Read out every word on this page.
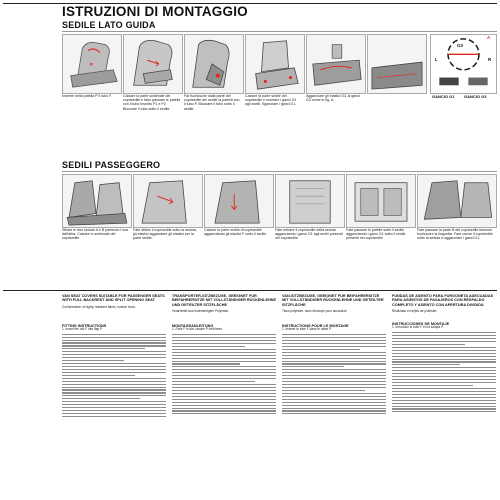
ISTRUZIONI DI MONTAGGIO
SEDILE LATO GUIDA
G3
L	R
A
P
Inserire nella patella P il tubo F.	Calzare la parte schienale del coprisedile e farlo passare le patelle con il tubo inserito P1 e P2. Bloccare il tubo sotto il sedile.
Far fuoriuscire dalla parte del coprisedile del sedile la patella con il tubo P. Bloccare il tubo sotto il sedile.
Calzare la parte sedile del coprisedile e montare i ganci G1 agli anelli. Sganciare i ganci G1.
Agganciare gli elastici G1 ai ganci G3 come in fig. A.
GANCIO G1	GANCIO G3
SEDILI PASSEGGERO
Sfilare le due sedute A e B partendo l'una dall'altra. Calzare lo schienale del coprisedile.
Fate sfilare il coprisedile sotto la seduta, gli elastici agganciare gli elastici per la parte sedile.
Calzare la parte sedile di coprisedile agganciando gli elastici F sotto il sedile.
Fate entrare il coprisedile della seduta agganciando i ganci G1 agli anelli presenti nel coprisedile.
Fate passare le patelle sotto il sedile agganciando i ganci G1 sotto il sedile presenti nel coprisedile.
Fate passare la parte B del coprisedile facendo fuoriuscire la linguetta. Fare uscire il coprisedile sotto la seduta e agganciare i ganci G1.
VAN SEAT COVERS SUITABLE FOR PASSENGER SEATS WITH FULL BACKREST AND SPLIT OPENING SEAT
Conformation of highly resistant fabric, lumbar hook.
FITTING INSTRUCTIONS
1. Insert the rod F into flap P.
TRANSPORTER-SITZBEZÜGE, GEEIGNET FÜR BEIFAHRERSITZE MIT VOLLSTÄNDIGER RÜCKENLEHNE UND GETEILTER SITZFLÄCHE
Verarbeitet aus hochwertigem Polyester.
MONTAGEANLEITUNG
1. Rohr F in die Lasche P einführen.
VAN-SITZBEZÜGE, GEEIGNET FÜR BEIFAHRERSITZE MIT VOLLSTÄNDIGER RÜCKENLEHNE UND GETEILTER SITZFLÄCHE
Tissu polyester, avec découpe pour accoudoir.
INSTRUCTIONS POUR LE MONTAGE
1. Insérer le tube F dans le rabat P.
FUNDAS DE ASIENTO PARA FURGONETA ADECUADAS PARA ASIENTOS DE PASAJEROS CON RESPALDO COMPLETO Y ASIENTO CON APERTURA DIVIDIDA
Realizado en tejido de poliéster.
INSTRUCCIONES DE MONTAJE
1. Introducir el tubo F en la solapa P.
